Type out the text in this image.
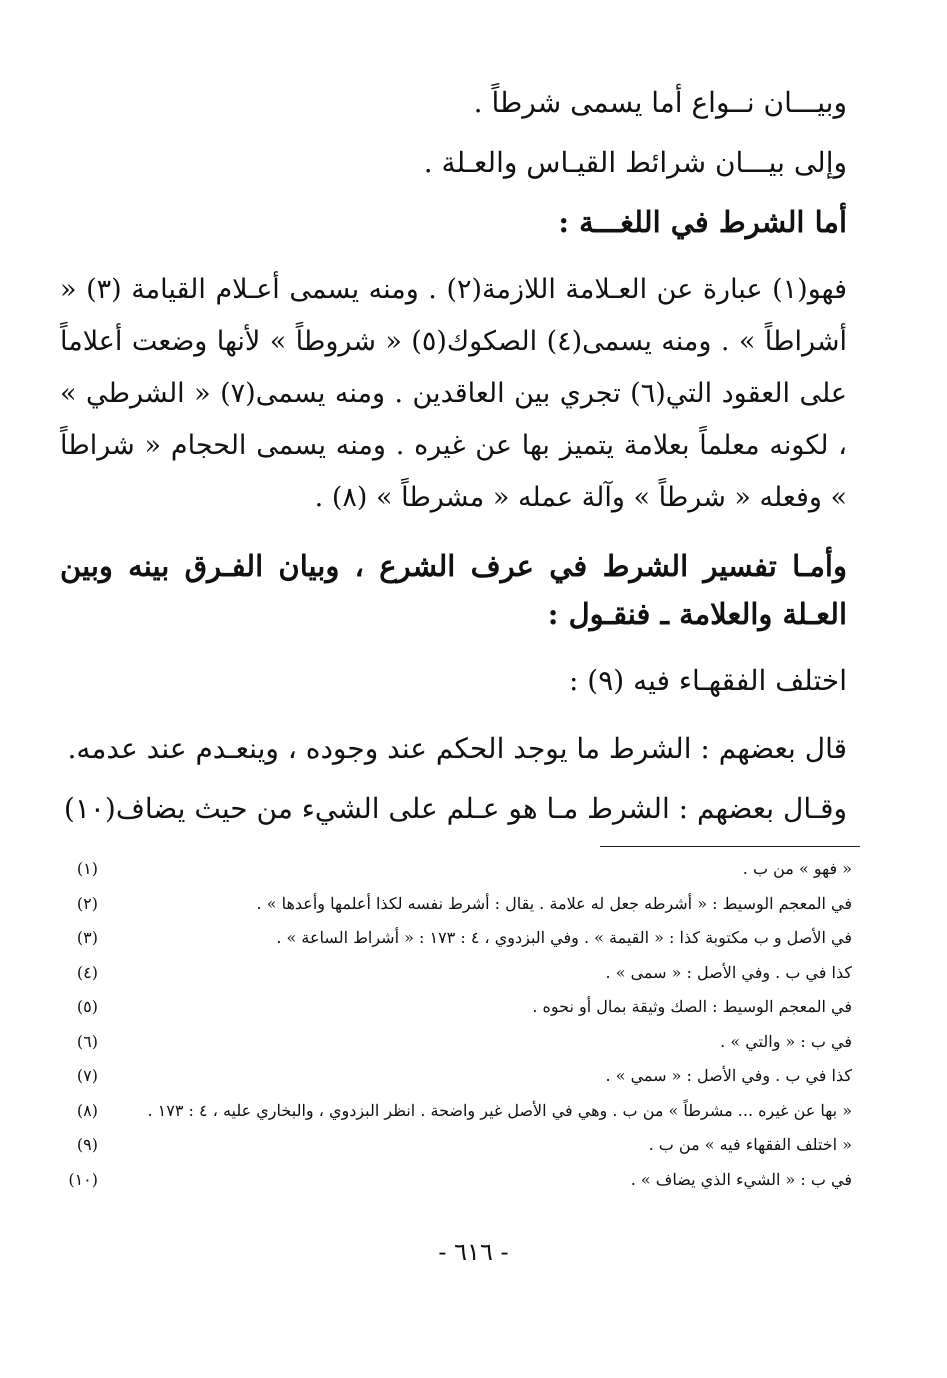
وبيـــان نــواع أما يسمى شرطاً .

وإلى بيـــان شرائط القيـاس والعـلة .

أما الشرط في اللغـــة :

فهو(١) عبارة عن العـلامة اللازمة(٢) . ومنه يسمى أعـلام القيامة (٣) « أشراطاً » . ومنه يسمى(٤) الصكوك(٥) « شروطاً » لأنها وضعت أعلاماً على العقود التي(٦) تجري بين العاقدين . ومنه يسمى(٧) « الشرطي » ، لكونه معلماً بعلامة يتميز بها عن غيره . ومنه يسمى الحجام « شراطاً » وفعله « شرطاً » وآلة عمله « مشرطاً » (٨) .

وأمـا تفسير الشرط في عرف الشرع ، وبيان الفـرق بينه وبين العـلة والعلامة ـ فنقـول :

اختلف الفقهـاء فيه (٩) :

قال بعضهم : الشرط ما يوجد الحكم عند وجوده ، وينعـدم عند عدمه.

وقـال بعضهم : الشرط مـا هو عـلم على الشيء من حيث يضاف(١٠)

(١)	« فهو » من ب .
(٢)	في المعجم الوسيط : « أشرطه جعل له علامة . يقال : أشرط نفسه لكذا أعلمها وأعدها » .
(٣)	في الأصل و ب مكتوبة كذا : « القيمة » . وفي البزدوي ، ٤ : ١٧٣ : « أشراط الساعة » .
(٤)	كذا في ب . وفي الأصل : « سمى » .
(٥)	في المعجم الوسيط : الصك وثيقة بمال أو نحوه .
(٦)	في ب : « والتي » .
(٧)	كذا في ب . وفي الأصل : « سمي » .
(٨)	« بها عن غيره ... مشرطاً » من ب . وهي في الأصل غير واضحة . انظر البزدوي ، والبخاري عليه ، ٤ : ١٧٣ .
(٩)	« اختلف الفقهاء فيه » من ب .
(١٠)	في ب : « الشيء الذي يضاف » .
- ٦١٦ -
